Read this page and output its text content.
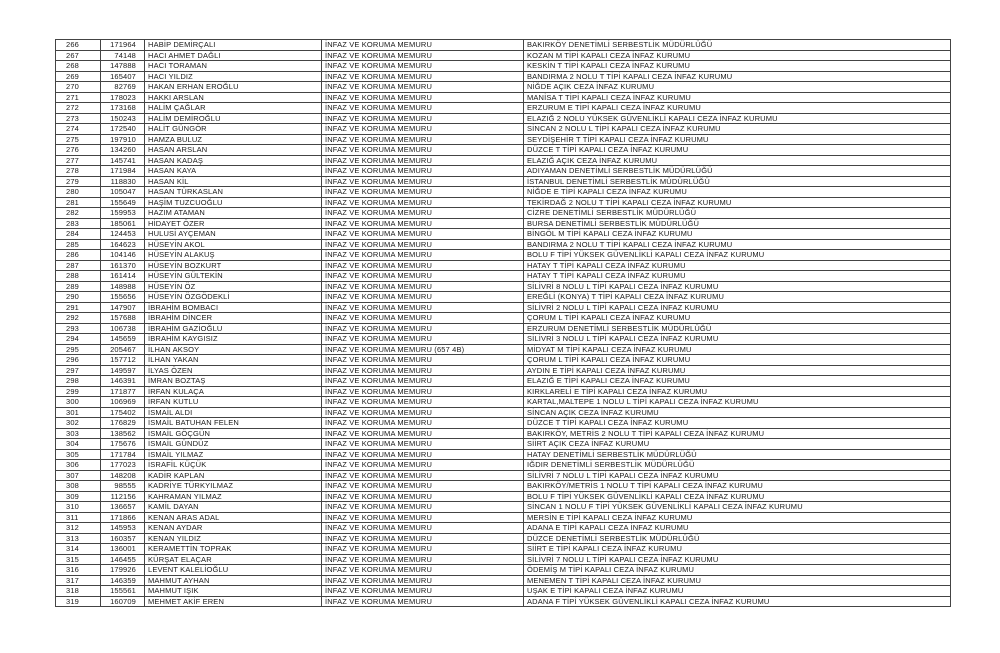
266	171964	HABİP DEMİRÇALI	İNFAZ VE KORUMA MEMURU	BAKIRKÖY DENETİMLİ SERBESTLİK MÜDÜRLÜĞÜ
267	74148	HACI AHMET DAĞLI	İNFAZ VE KORUMA MEMURU	KOZAN M TİPİ KAPALI CEZA İNFAZ KURUMU
268	147888	HACI TORAMAN	İNFAZ VE KORUMA MEMURU	KESKİN T TİPİ KAPALI CEZA İNFAZ KURUMU
269	165407	HACI YILDIZ	İNFAZ VE KORUMA MEMURU	BANDIRMA 2 NOLU T TİPİ KAPALI CEZA İNFAZ KURUMU
270	82769	HAKAN ERHAN EROĞLU	İNFAZ VE KORUMA MEMURU	NİĞDE AÇIK CEZA İNFAZ KURUMU
271	178023	HAKKI ARSLAN	İNFAZ VE KORUMA MEMURU	MANİSA T TİPİ KAPALI CEZA İNFAZ KURUMU
272	173168	HALİM ÇAĞLAR	İNFAZ VE KORUMA MEMURU	ERZURUM E TİPİ KAPALI CEZA İNFAZ KURUMU
273	150243	HALİM DEMİROĞLU	İNFAZ VE KORUMA MEMURU	ELAZIĞ 2 NOLU YÜKSEK GÜVENLİKLİ KAPALI CEZA İNFAZ KURUMU
274	172540	HALİT GÜNGÖR	İNFAZ VE KORUMA MEMURU	SİNCAN 2 NOLU L TİPİ KAPALI CEZA İNFAZ KURUMU
275	197910	HAMZA BULUZ	İNFAZ VE KORUMA MEMURU	SEYDİŞEHİR T TİPİ KAPALI CEZA İNFAZ KURUMU
276	134260	HASAN ARSLAN	İNFAZ VE KORUMA MEMURU	DÜZCE T TİPİ KAPALI CEZA İNFAZ KURUMU
277	145741	HASAN KADAŞ	İNFAZ VE KORUMA MEMURU	ELAZIĞ AÇIK CEZA İNFAZ KURUMU
278	171984	HASAN KAYA	İNFAZ VE KORUMA MEMURU	ADIYAMAN DENETİMLİ SERBESTLİK MÜDÜRLÜĞÜ
279	118830	HASAN KİL	İNFAZ VE KORUMA MEMURU	İSTANBUL DENETİMLİ SERBESTLİK MÜDÜRLÜĞÜ
280	105047	HASAN TÜRKASLAN	İNFAZ VE KORUMA MEMURU	NİĞDE E TİPİ KAPALI CEZA İNFAZ KURUMU
281	155649	HAŞİM TUZCUOĞLU	İNFAZ VE KORUMA MEMURU	TEKİRDAĞ 2 NOLU T TİPİ KAPALI CEZA İNFAZ KURUMU
282	159953	HAZIM ATAMAN	İNFAZ VE KORUMA MEMURU	CİZRE DENETİMLİ SERBESTLİK MÜDÜRLÜĞÜ
283	185061	HİDAYET ÖZER	İNFAZ VE KORUMA MEMURU	BURSA DENETİMLİ SERBESTLİK MÜDÜRLÜĞÜ
284	124453	HULUSİ AYÇEMAN	İNFAZ VE KORUMA MEMURU	BİNGÖL M TİPİ KAPALI CEZA İNFAZ KURUMU
285	164623	HÜSEYİN AKOL	İNFAZ VE KORUMA MEMURU	BANDIRMA 2 NOLU T TİPİ KAPALI CEZA İNFAZ KURUMU
286	104146	HÜSEYİN ALAKUŞ	İNFAZ VE KORUMA MEMURU	BOLU F TİPİ YÜKSEK GÜVENLİKLİ KAPALI CEZA İNFAZ KURUMU
287	161370	HÜSEYİN BOZKURT	İNFAZ VE KORUMA MEMURU	HATAY T TİPİ KAPALI CEZA İNFAZ KURUMU
288	161414	HÜSEYİN GÜLTEKİN	İNFAZ VE KORUMA MEMURU	HATAY T TİPİ KAPALI CEZA İNFAZ KURUMU
289	148988	HÜSEYİN ÖZ	İNFAZ VE KORUMA MEMURU	SİLİVRİ 8 NOLU L TİPİ KAPALI CEZA İNFAZ KURUMU
290	155656	HÜSEYİN ÖZGÖDEKLİ	İNFAZ VE KORUMA MEMURU	EREĞLİ (KONYA) T TİPİ KAPALI CEZA İNFAZ KURUMU
291	147907	İBRAHİM BOMBACI	İNFAZ VE KORUMA MEMURU	SİLİVRİ 2 NOLU L TİPİ KAPALI CEZA İNFAZ KURUMU
292	157688	İBRAHİM DİNCER	İNFAZ VE KORUMA MEMURU	ÇORUM L TİPİ KAPALI CEZA İNFAZ KURUMU
293	106738	İBRAHİM GAZİOĞLU	İNFAZ VE KORUMA MEMURU	ERZURUM DENETİMLİ SERBESTLİK MÜDÜRLÜĞÜ
294	145659	İBRAHİM KAYGISIZ	İNFAZ VE KORUMA MEMURU	SİLİVRİ 3 NOLU L TİPİ KAPALI CEZA İNFAZ KURUMU
295	205467	İLHAN AKSOY	İNFAZ VE KORUMA MEMURU (657 4B)	MİDYAT M TİPİ KAPALI CEZA İNFAZ KURUMU
296	157712	İLHAN YAKAN	İNFAZ VE KORUMA MEMURU	ÇORUM L TİPİ KAPALI CEZA İNFAZ KURUMU
297	149597	İLYAS ÖZEN	İNFAZ VE KORUMA MEMURU	AYDIN E TİPİ KAPALI CEZA İNFAZ KURUMU
298	146391	İMRAN BOZTAŞ	İNFAZ VE KORUMA MEMURU	ELAZIĞ E TİPİ KAPALI CEZA İNFAZ KURUMU
299	171877	İRFAN KULAÇA	İNFAZ VE KORUMA MEMURU	KIRKLARELİ E TİPİ KAPALI CEZA İNFAZ KURUMU
300	106969	İRFAN KUTLU	İNFAZ VE KORUMA MEMURU	KARTAL,MALTEPE 1 NOLU L TİPİ KAPALI CEZA İNFAZ KURUMU
301	175402	İSMAİL ALDI	İNFAZ VE KORUMA MEMURU	SİNCAN AÇIK CEZA İNFAZ KURUMU
302	176829	İSMAİL BATUHAN FELEN	İNFAZ VE KORUMA MEMURU	DÜZCE T TİPİ KAPALI CEZA İNFAZ KURUMU
303	138562	İSMAİL GÖÇGÜN	İNFAZ VE KORUMA MEMURU	BAKIRKÖY, METRİS 2 NOLU T TİPİ KAPALI CEZA İNFAZ KURUMU
304	175676	İSMAİL GÜNDÜZ	İNFAZ VE KORUMA MEMURU	SİİRT AÇIK CEZA İNFAZ KURUMU
305	171784	İSMAİL YILMAZ	İNFAZ VE KORUMA MEMURU	HATAY DENETİMLİ SERBESTLİK MÜDÜRLÜĞÜ
306	177023	İSRAFİL KÜÇÜK	İNFAZ VE KORUMA MEMURU	IĞDIR DENETİMLİ SERBESTLİK MÜDÜRLÜĞÜ
307	148208	KADİR KAPLAN	İNFAZ VE KORUMA MEMURU	SİLİVRİ 7 NOLU L TİPİ KAPALI CEZA İNFAZ KURUMU
308	98555	KADRİYE TÜRKYILMAZ	İNFAZ VE KORUMA MEMURU	BAKIRKÖY/METRİS 1 NOLU T TİPİ KAPALI CEZA İNFAZ KURUMU
309	112156	KAHRAMAN YILMAZ	İNFAZ VE KORUMA MEMURU	BOLU F TİPİ YÜKSEK GÜVENLİKLİ KAPALI CEZA İNFAZ KURUMU
310	136657	KAMİL DAYAN	İNFAZ VE KORUMA MEMURU	SİNCAN 1 NOLU F TİPİ YÜKSEK GÜVENLİKLİ KAPALI CEZA İNFAZ KURUMU
311	171866	KENAN ARAS ADAL	İNFAZ VE KORUMA MEMURU	MERSİN E TİPİ KAPALI CEZA İNFAZ KURUMU
312	145953	KENAN AYDAR	İNFAZ VE KORUMA MEMURU	ADANA E TİPİ KAPALI CEZA İNFAZ KURUMU
313	160357	KENAN YILDIZ	İNFAZ VE KORUMA MEMURU	DÜZCE DENETİMLİ SERBESTLİK MÜDÜRLÜĞÜ
314	136001	KERAMETTİN TOPRAK	İNFAZ VE KORUMA MEMURU	SİİRT E TİPİ KAPALI CEZA İNFAZ KURUMU
315	146455	KÜRŞAT ELAÇAR	İNFAZ VE KORUMA MEMURU	SİLİVRİ 7 NOLU L TİPİ KAPALI CEZA İNFAZ KURUMU
316	179926	LEVENT KALELİOĞLU	İNFAZ VE KORUMA MEMURU	ÖDEMİŞ M TİPİ KAPALI CEZA İNFAZ KURUMU
317	146359	MAHMUT AYHAN	İNFAZ VE KORUMA MEMURU	MENEMEN T TİPİ KAPALI CEZA İNFAZ KURUMU
318	155561	MAHMUT IŞIK	İNFAZ VE KORUMA MEMURU	UŞAK E TİPİ KAPALI CEZA İNFAZ KURUMU
319	160709	MEHMET AKİF EREN	İNFAZ VE KORUMA MEMURU	ADANA F TİPİ YÜKSEK GÜVENLİKLİ KAPALI CEZA İNFAZ KURUMU
